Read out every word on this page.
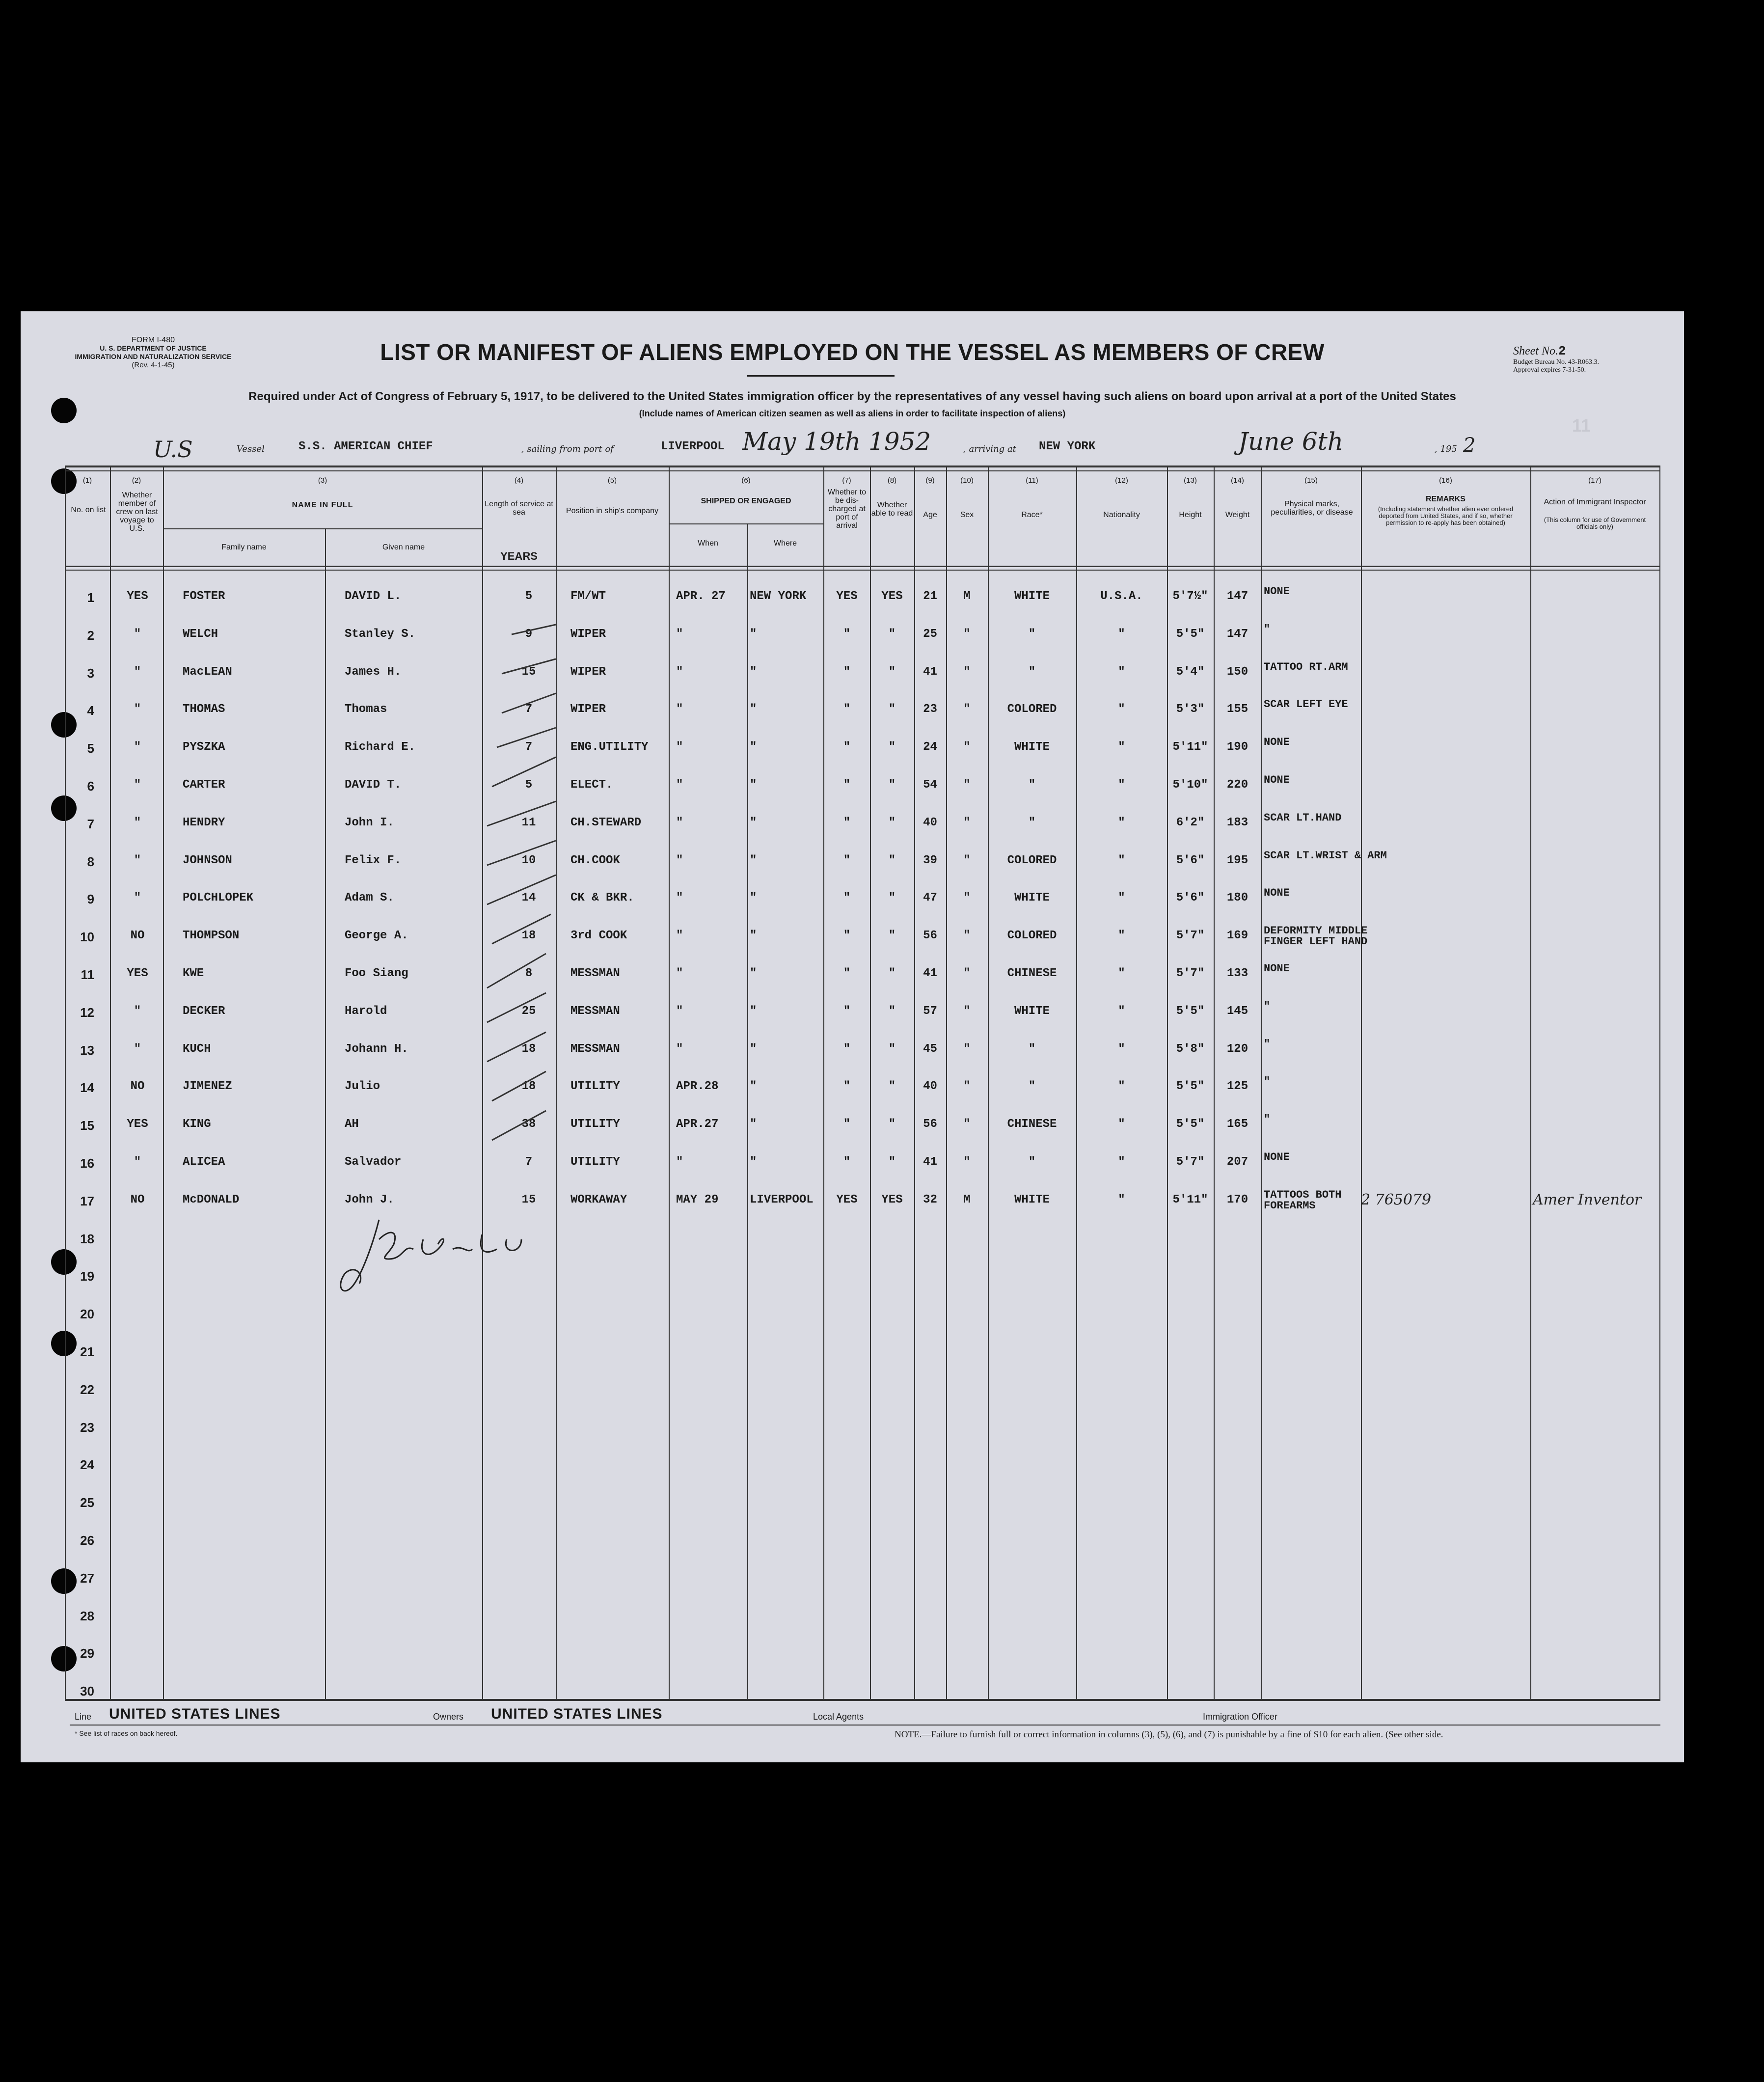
FORM I-480
U. S. DEPARTMENT OF JUSTICE
IMMIGRATION AND NATURALIZATION SERVICE
(Rev. 4-1-45)
LIST OR MANIFEST OF ALIENS EMPLOYED ON THE VESSEL AS MEMBERS OF CREW	Sheet No.2
Budget Bureau No. 43-R063.3.
Approval expires 7-31-50.
Required under Act of Congress of February 5, 1917, to be delivered to the United States immigration officer by the representatives of any vessel having such aliens on board upon arrival at a port of the United States
(Include names of American citizen seamen as well as aliens in order to facilitate inspection of aliens)
U.S	Vessel	S.S. AMERICAN CHIEF	, sailing from port of	LIVERPOOL May 19th 1952	, arriving at NEW YORK	June 6th	, 195 2
11
(1)	(2)	(3)	(4)	(5)	(6)	(7)	(8)	(9)	(10)	(11)	(12)	(13)	(14)	(15)	(16)	(17)
No. on list
Whether member of crew on last voyage to U.S.
NAME IN FULL
Family name	Given name
Length of service at sea
YEARS
Position in ship's company
SHIPPED OR ENGAGED
When	Where
Whether to be dis-charged at port of arrival
Whether able to read	Age	Sex	Race*	Nationality	Height	Weight
Physical marks, peculiarities, or disease
REMARKS
(Including statement whether alien ever ordered deported from United States, and if so, whether permission to re-apply has been obtained)
Action of Immigrant Inspector
(This column for use of Government officials only)
1	YES	FOSTER	DAVID L.	5	FM/WT	APR. 27	NEW YORK	YES	YES	21	M	WHITE	U.S.A.	5'7½"	147	NONE
2	"	WELCH	Stanley S.	9	WIPER	"	"	"	"	25	"	"	"	5'5"	147	"
3	"	MacLEAN	James H.	15	WIPER	"	"	"	"	41	"	"	"	5'4"	150	TATTOO RT.ARM
4	"	THOMAS	Thomas	7	WIPER	"	"	"	"	23	"	COLORED	"	5'3"	155	SCAR LEFT EYE
5	"	PYSZKA	Richard E.	7	ENG.UTILITY	"	"	"	"	24	"	WHITE	"	5'11"	190	NONE
6	"	CARTER	DAVID T.	5	ELECT.	"	"	"	"	54	"	"	"	5'10"	220	NONE
7	"	HENDRY	John I.	11	CH.STEWARD	"	"	"	"	40	"	"	"	6'2"	183	SCAR LT.HAND
8	"	JOHNSON	Felix F.	10	CH.COOK	"	"	"	"	39	"	COLORED	"	5'6"	195	SCAR LT.WRIST & ARM
9	"	POLCHLOPEK	Adam S.	14	CK & BKR.	"	"	"	"	47	"	WHITE	"	5'6"	180	NONE
10	NO	THOMPSON	George A.	18	3rd COOK	"	"	"	"	56	"	COLORED	"	5'7"	169	DEFORMITY MIDDLE FINGER LEFT HAND
11	YES	KWE	Foo Siang	8	MESSMAN	"	"	"	"	41	"	CHINESE	"	5'7"	133	NONE
12	"	DECKER	Harold	25	MESSMAN	"	"	"	"	57	"	WHITE	"	5'5"	145	"
13	"	KUCH	Johann H.	18	MESSMAN	"	"	"	"	45	"	"	"	5'8"	120	"
14	NO	JIMENEZ	Julio	18	UTILITY	APR.28	"	"	"	40	"	"	"	5'5"	125	"
15	YES	KING	AH	38	UTILITY	APR.27	"	"	"	56	"	CHINESE	"	5'5"	165	"
16	"	ALICEA	Salvador	7	UTILITY	"	"	"	"	41	"	"	"	5'7"	207	NONE
17	NO	McDONALD	John J.	15	WORKAWAY	MAY 29	LIVERPOOL	YES	YES	32	M	WHITE	"	5'11"	170	TATTOOS BOTH FOREARMS	2 765079	Amer Inventor
18
19
20
21
22
23
24
25
26
27
28
29
30
J.McDonald
Line UNITED STATES LINES	Owners UNITED STATES LINES	Local Agents	Immigration Officer
* See list of races on back hereof.	NOTE.—Failure to furnish full or correct information in columns (3), (5), (6), and (7) is punishable by a fine of $10 for each alien. (See other side.
